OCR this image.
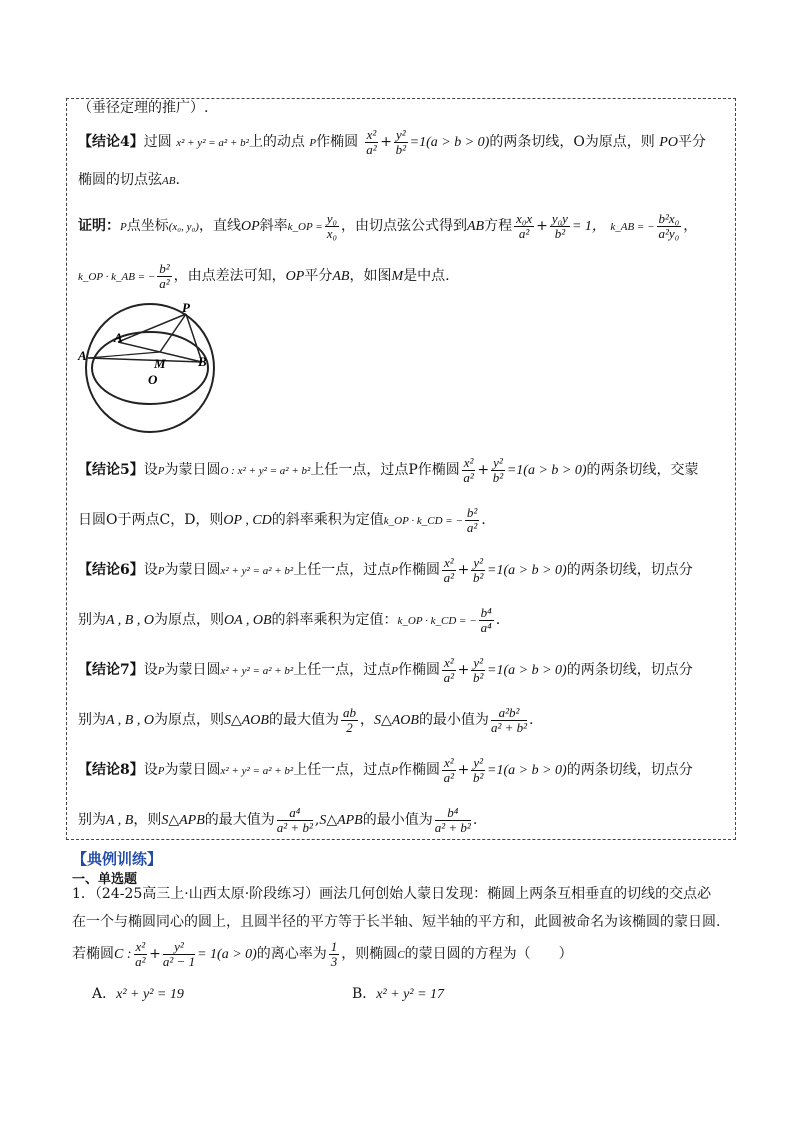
（垂径定理的推广）.
【结论4】过圆 x² + y² = a² + b²上的动点 P作椭圆 $\frac{\text{x²}}{\text{a²}} + \frac{\text{y²}}{\text{b²}} =1(a > b > 0)$的两条切线，O为原点，则 PO平分
椭圆的切点弦AB.
证明：P点坐标(x₀, y₀)，直线OP斜率k_OP = $\frac{\text{y₀}}{\text{x₀}}$ ，由切点弦公式得到AB方程 $\frac{\text{x₀x}}{\text{a²}} + \frac{\text{y₀y}}{\text{b²}} = 1$， k_AB = − $\frac{\text{b²x₀}}{\text{a²y₀}}$ ，
k_OP · k_AB = − $\frac{\text{b²}}{\text{a²}}$ ，由点差法可知，OP平分AB，如图M是中点.
P
A
A
M
O
B
【结论5】设P为蒙日圆O : x² + y² = a² + b²上任一点，过点P作椭圆 $\frac{\text{x²}}{\text{a²}} + \frac{\text{y²}}{\text{b²}} =1(a > b > 0)$的两条切线，交蒙
日圆O于两点C，D，则OP , CD的斜率乘积为定值k_OP · k_CD = − $\frac{\text{b²}}{\text{a²}}$ .
【结论6】设P为蒙日圆x² + y² = a² + b²上任一点，过点P作椭圆 $\frac{\text{x²}}{\text{a²}} + \frac{\text{y²}}{\text{b²}} =1(a > b > 0)$的两条切线，切点分
别为A , B , O为原点，则OA , OB的斜率乘积为定值：k_OP · k_CD = − $\frac{\text{b⁴}}{\text{a⁴}}$ .
【结论7】设P为蒙日圆x² + y² = a² + b²上任一点，过点P作椭圆 $\frac{\text{x²}}{\text{a²}} + \frac{\text{y²}}{\text{b²}} =1(a > b > 0)$的两条切线，切点分
别为A , B , O为原点，则S△AOB的最大值为 $\frac{ab}{2}$ ，S△AOB的最小值为 $\frac{\text{a²b²}}{\text{a² + b²}}$ .
【结论8】设P为蒙日圆x² + y² = a² + b²上任一点，过点P作椭圆 $\frac{\text{x²}}{\text{a²}} + \frac{\text{y²}}{\text{b²}} =1(a > b > 0)$的两条切线，切点分
别为A , B，则S△APB的最大值为 $\frac{\text{a⁴}}{\text{a² + b²}}$ ,S△APB的最小值为 $\frac{\text{b⁴}}{\text{a² + b²}}$ .
【典例训练】
一、单选题
1．（24-25高三上·山西太原·阶段练习）画法几何创始人蒙日发现：椭圆上两条互相垂直的切线的交点必
在一个与椭圆同心的圆上，且圆半径的平方等于长半轴、短半轴的平方和，此圆被命名为该椭圆的蒙日圆.
若椭圆C : $\frac{\text{x²}}{\text{a²}} + \frac{\text{y²}}{\text{a² − 1}} = 1(a > 0)$的离心率为 $\frac{1}{3}$ ，则椭圆C的蒙日圆的方程为（　　）
A．x² + y² = 19	B．x² + y² = 17
